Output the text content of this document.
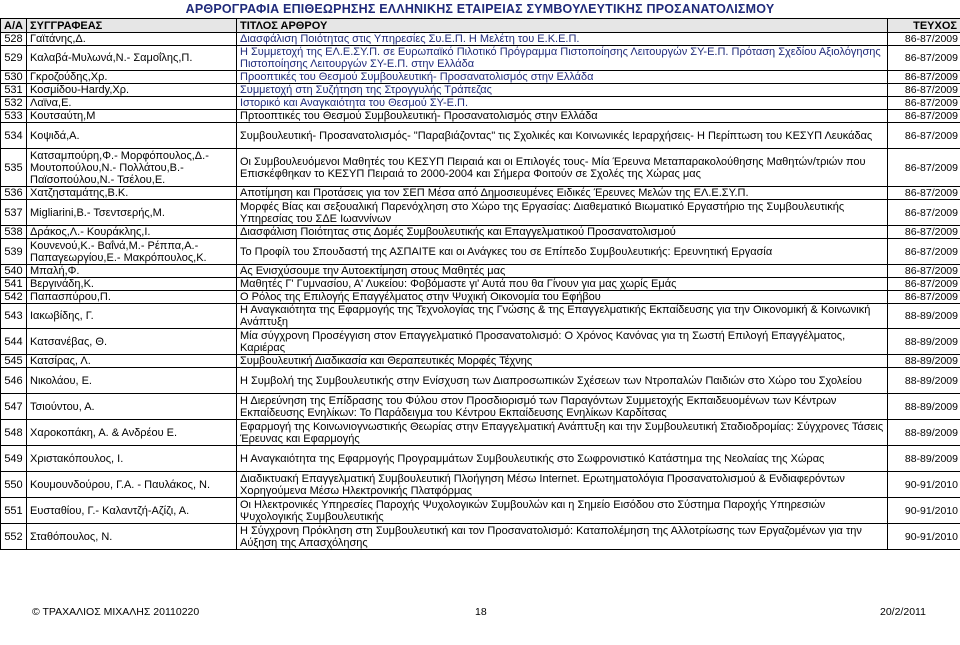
ΑΡΘΡΟΓΡΑΦΙΑ ΕΠΙΘΕΩΡΗΣΗΣ ΕΛΛΗΝΙΚΗΣ ΕΤΑΙΡΕΙΑΣ ΣΥΜΒΟΥΛΕΥΤΙΚΗΣ ΠΡΟΣΑΝΑΤΟΛΙΣΜΟΥ
Α/Α	ΣΥΓΓΡΑΦΕΑΣ	ΤΙΤΛΟΣ ΑΡΘΡΟΥ	ΤΕΥΧΟΣ
528	Γαϊτάνης,Δ.	Διασφάλιση Ποιότητας στις Υπηρεσίες Συ.Ε.Π. Η Μελέτη του Ε.Κ.Ε.Π.	86-87/2009
529	Καλαβά-Μυλωνά,Ν.- Σαμοΐλης,Π.	Η Συμμετοχή της ΕΛ.Ε.ΣΥ.Π. σε Ευρωπαϊκό Πιλοτικό Πρόγραμμα Πιστοποίησης Λειτουργών ΣΥ-Ε.Π. Πρόταση Σχεδίου Αξιολόγησης Πιστοποίησης Λειτουργών ΣΥ-Ε.Π. στην Ελλάδα	86-87/2009
530	Γκροζούδης,Χρ.	Προοπτικές του Θεσμού Συμβουλευτική- Προσανατολισμός στην Ελλάδα	86-87/2009
531	Κοσμίδου-Hardy,Χρ.	Συμμετοχή στη Συζήτηση της Στρογγυλής Τράπεζας	86-87/2009
532	Λαϊνα,Ε.	Ιστορικό και Αναγκαιότητα του Θεσμού ΣΥ-Ε.Π.	86-87/2009
533	Κουτσαύτη,Μ	Πρτοοπτικές του Θεσμού Συμβουλευτική- Προσανατολισμός στην Ελλάδα	86-87/2009
534	Κοψιδά,Α.	Συμβουλευτική- Προσανατολισμός- "Παραβιάζοντας" τις Σχολικές και Κοινωνικές Ιεραρχήσεις- Η Περίπτωση του ΚΕΣΥΠ Λευκάδας	86-87/2009
535	Κατσαμπούρη,Φ.- Μορφόπουλος,Δ.- Μουτοπούλου,Ν.- Πολλάτου,Β.- Παϊσοπούλου,Ν.- Τσέλου,Ε.	Οι Συμβουλευόμενοι Μαθητές του ΚΕΣΥΠ Πειραιά και οι Επιλογές τους- Μία Έρευνα Μεταπαρακολούθησης Μαθητών/τριών που Επισκέφθηκαν το ΚΕΣΥΠ Πειραιά το 2000-2004 και Σήμερα Φοιτούν σε Σχολές της Χώρας μας	86-87/2009
536	Χατζησταμάτης,Β.Κ.	Αποτίμηση και Προτάσεις για τον ΣΕΠ Μέσα από Δημοσιευμένες Ειδικές Έρευνες Μελών της ΕΛ.Ε.ΣΥ.Π.	86-87/2009
537	Migliarini,Β.- Τσεντσερής,Μ.	Μορφές Βίας και σεξουαλική Παρενόχληση στο Χώρο της Εργασίας: Διαθεματικό Βιωματικό Εργαστήριο της Συμβουλευτικής Υπηρεσίας του ΣΔΕ Ιωαννίνων	86-87/2009
538	Δράκος,Λ.- Κουράκλης,Ι.	Διασφάλιση Ποιότητας στις Δομές Συμβουλευτικής και Επαγγελματικού Προσανατολισμού	86-87/2009
539	Κουνενού,Κ.- Βαΐνά,Μ.- Ρέππα,Α.- Παπαγεωργίου,Ε.- Μακρόπουλος,Κ.	Το Προφίλ του Σπουδαστή της ΑΣΠΑΙΤΕ και οι Ανάγκες του σε Επίπεδο Συμβουλευτικής: Ερευνητική Εργασία	86-87/2009
540	Μπαλή,Φ.	Ας Ενισχύσουμε την Αυτοεκτίμηση στους Μαθητές μας	86-87/2009
541	Βεργινάδη,Κ.	Μαθητές Γ' Γυμνασίου, Α' Λυκείου: Φοβόμαστε γι' Αυτά που θα Γίνουν για μας χωρίς Εμάς	86-87/2009
542	Παπασπύρου,Π.	Ο Ρόλος της Επιλογής Επαγγέλματος στην Ψυχική Οικονομία του Εφήβου	86-87/2009
543	Ιακωβίδης, Γ.	Η Αναγκαιότητα της Εφαρμογής της Τεχνολογίας της Γνώσης & της Επαγγελματικής Εκπαίδευσης για την Οικονομική & Κοινωνική Ανάπτυξη	88-89/2009
544	Κατσανέβας, Θ.	Μία σύγχρονη Προσέγγιση στον Επαγγελματικό Προσανατολισμό: Ο Χρόνος Κανόνας για τη Σωστή Επιλογή Επαγγέλματος, Καριέρας	88-89/2009
545	Κατσίρας, Λ.	Συμβουλευτική Διαδικασία και Θεραπευτικές Μορφές Τέχνης	88-89/2009
546	Νικολάου, Ε.	Η Συμβολή της Συμβουλευτικής στην Ενίσχυση των Διαπροσωπικών Σχέσεων των Ντροπαλών Παιδιών στο Χώρο του Σχολείου	88-89/2009
547	Τσιούντου, Α.	Η Διερεύνηση της Επίδρασης του Φύλου στον Προσδιορισμό των Παραγόντων Συμμετοχής Εκπαιδευομένων των Κέντρων Εκπαίδευσης Ενηλίκων: Το Παράδειγμα του Κέντρου Εκπαίδευσης Ενηλίκων Καρδίτσας	88-89/2009
548	Χαροκοπάκη, Α. & Ανδρέου Ε.	Εφαρμογή της Κοινωνιογνωστικής Θεωρίας στην Επαγγελματική Ανάπτυξη και την Συμβουλευτική Σταδιοδρομίας: Σύγχρονες Τάσεις Έρευνας και Εφαρμογής	88-89/2009
549	Χριστακόπουλος, Ι.	Η Αναγκαιότητα της Εφαρμογής Προγραμμάτων Συμβουλευτικής στο Σωφρονιστικό Κατάστημα της Νεολαίας της Χώρας	88-89/2009
550	Κουμουνδούρου, Γ.Α. - Παυλάκος, Ν.	Διαδικτυακή Επαγγελματική Συμβουλευτική Πλοήγηση Μέσω Internet. Ερωτηματολόγια Προσανατολισμού & Ενδιαφερόντων Χορηγούμενα Μέσω Ηλεκτρονικής Πλατφόρμας	90-91/2010
551	Ευσταθίου, Γ.- Καλαντζή-Αζίζι, Α.	Οι Ηλεκτρονικές Υπηρεσίες Παροχής Ψυχολογικών Συμβουλών και η Σημείο Εισόδου στο Σύστημα Παροχής Υπηρεσιών Ψυχολογικής Συμβουλευτικής	90-91/2010
552	Σταθόπουλος, Ν.	Η Σύγχρονη Πρόκληση στη Συμβουλευτική και τον Προσανατολισμό: Καταπολέμηση της Αλλοτρίωσης των Εργαζομένων για την Αύξηση της Απασχόλησης	90-91/2010
© ΤΡΑΧΑΛΙΟΣ ΜΙΧΑΛΗΣ 20110220	18	20/2/2011
